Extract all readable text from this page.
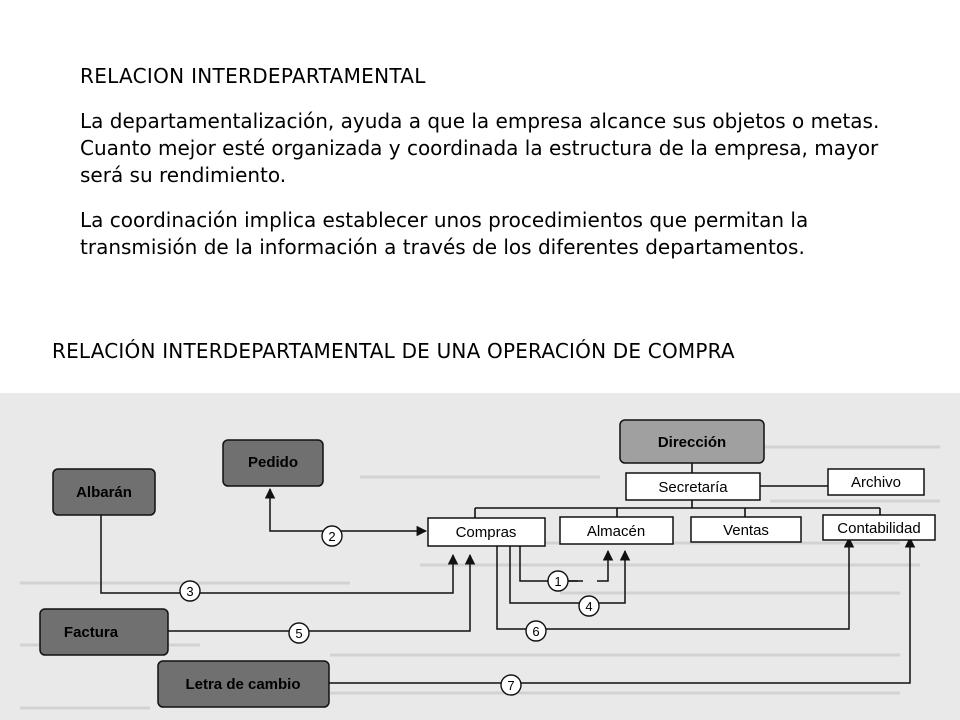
RELACION INTERDEPARTAMENTAL
La departamentalización, ayuda a que la empresa alcance sus objetos o metas. Cuanto mejor esté organizada y coordinada la estructura de la empresa, mayor será su rendimiento.
La coordinación implica establecer unos procedimientos que permitan la transmisión de la información a través de los diferentes departamentos.
RELACIÓN INTERDEPARTAMENTAL DE UNA OPERACIÓN DE COMPRA
Dirección
Secretaría	Archivo
Compras	Almacén	Ventas	Contabilidad
Pedido
Albarán
Factura
Letra de cambio
1
2
3
4
5	6
7
